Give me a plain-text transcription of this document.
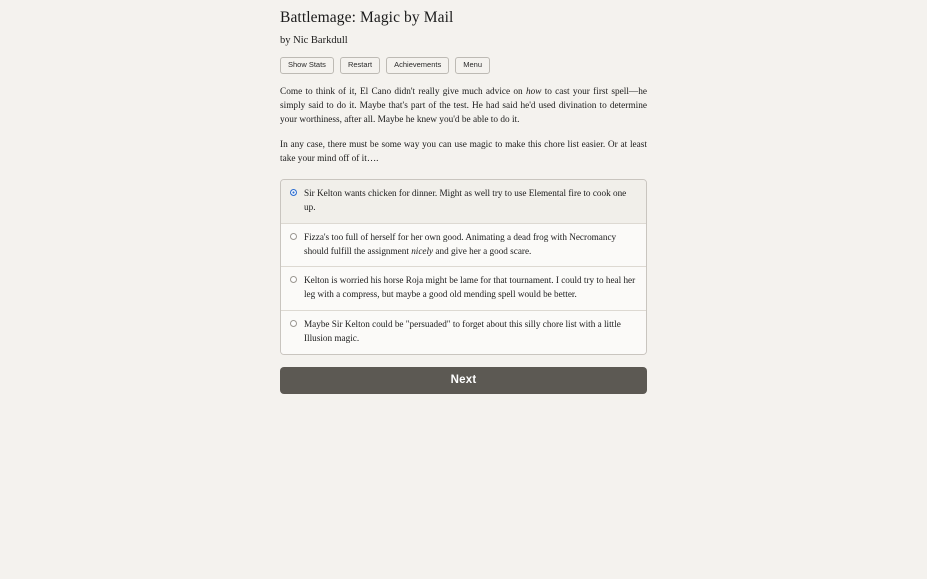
Battlemage: Magic by Mail

by Nic Barkdull

Show Stats	Restart	Achievements	Menu

Come to think of it, El Cano didn't really give much advice on how to cast your first spell—he simply said to do it. Maybe that's part of the test. He had said he'd used divination to determine your worthiness, after all. Maybe he knew you'd be able to do it.

In any case, there must be some way you can use magic to make this chore list easier. Or at least take your mind off of it….

Sir Kelton wants chicken for dinner. Might as well try to use Elemental fire to cook one up.
Fizza's too full of herself for her own good. Animating a dead frog with Necromancy should fulfill the assignment nicely and give her a good scare.
Kelton is worried his horse Roja might be lame for that tournament. I could try to heal her leg with a compress, but maybe a good old mending spell would be better.
Maybe Sir Kelton could be "persuaded" to forget about this silly chore list with a little Illusion magic.
Next
